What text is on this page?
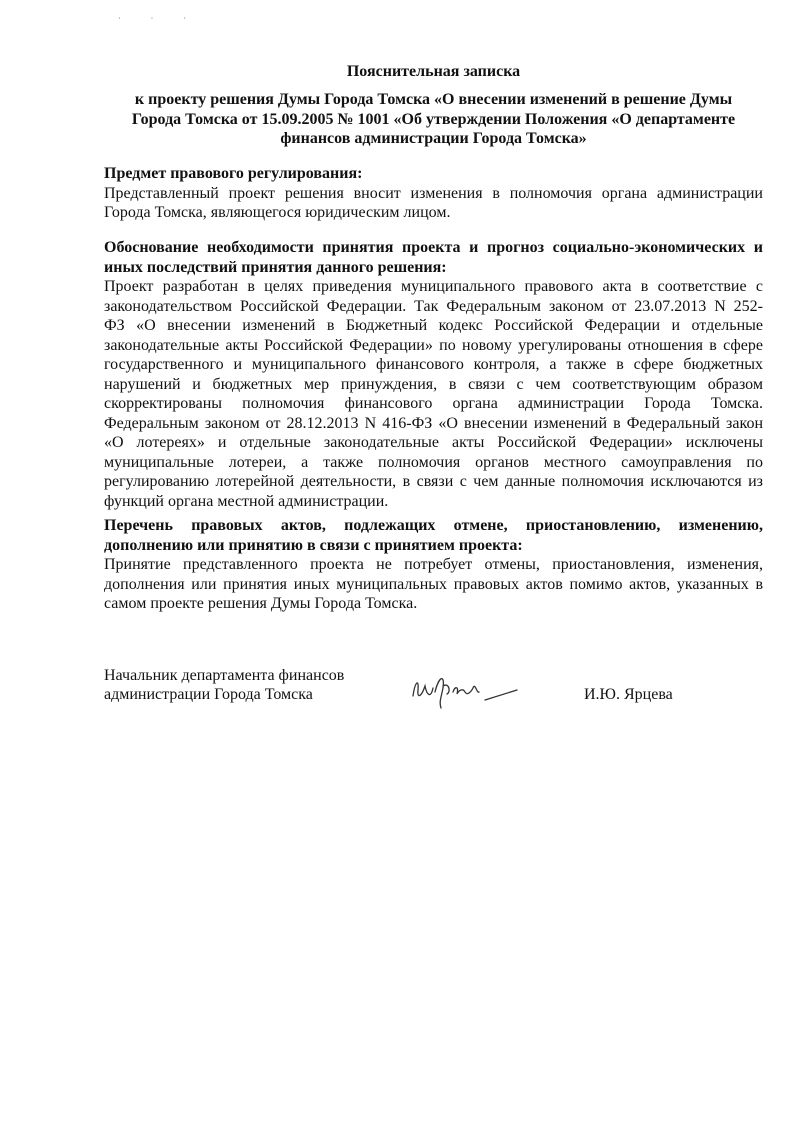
· · ·
Пояснительная записка
к проекту решения Думы Города Томска «О внесении изменений в решение Думы
Города Томска от 15.09.2005 № 1001 «Об утверждении Положения «О департаменте
финансов администрации Города Томска»
Предмет правового регулирования:
Представленный проект решения вносит изменения в полномочия органа администрации
Города Томска, являющегося юридическим лицом.
Обоснование необходимости принятия проекта и прогноз социально-экономических и
иных последствий принятия данного решения:
Проект разработан в целях приведения муниципального правового акта в соответствие с
законодательством Российской Федерации. Так Федеральным законом от 23.07.2013 N 252-
ФЗ «О внесении изменений в Бюджетный кодекс Российской Федерации и отдельные
законодательные акты Российской Федерации» по новому урегулированы отношения в сфере
государственного и муниципального финансового контроля, а также в сфере бюджетных
нарушений и бюджетных мер принуждения, в связи с чем соответствующим образом
скорректированы полномочия финансового органа администрации Города Томска.
Федеральным законом от 28.12.2013 N 416-ФЗ «О внесении изменений в Федеральный закон
«О лотереях» и отдельные законодательные акты Российской Федерации» исключены
муниципальные лотереи, а также полномочия органов местного самоуправления по
регулированию лотерейной деятельности, в связи с чем данные полномочия исключаются из
функций органа местной администрации.
Перечень правовых актов, подлежащих отмене, приостановлению, изменению,
дополнению или принятию в связи с принятием проекта:
Принятие представленного проекта не потребует отмены, приостановления, изменения,
дополнения или принятия иных муниципальных правовых актов помимо актов, указанных в
самом проекте решения Думы Города Томска.
Начальник департамента финансов
администрации Города Томска	И.Ю. Ярцева
